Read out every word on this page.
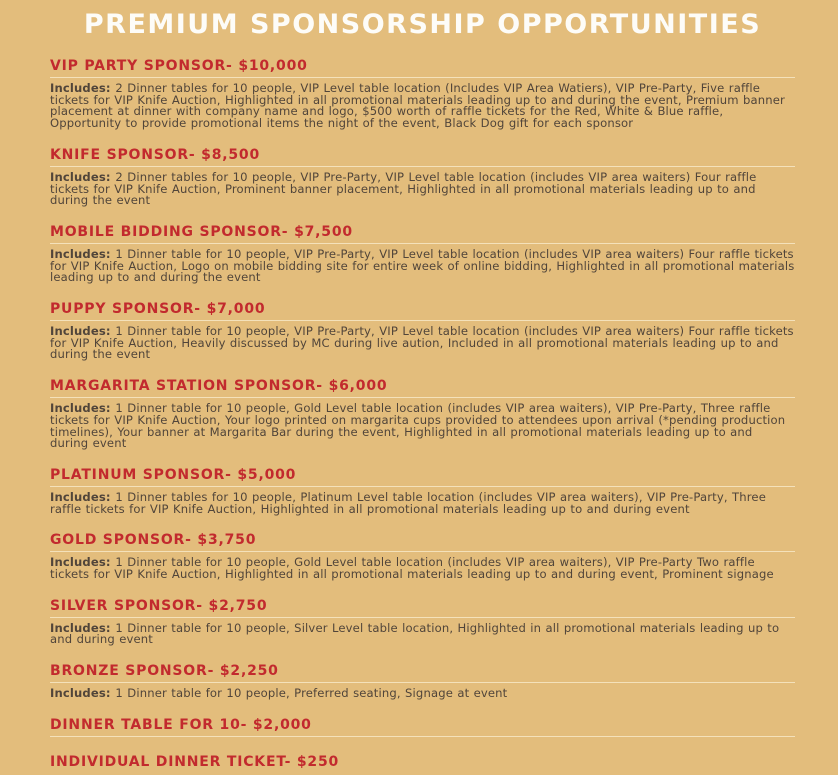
PREMIUM SPONSORSHIP OPPORTUNITIES
VIP PARTY SPONSOR- $10,000

Includes: 2 Dinner tables for 10 people, VIP Level table location (Includes VIP Area Watiers), VIP Pre-Party, Five raffle tickets for VIP Knife Auction, Highlighted in all promotional materials leading up to and during the event, Premium banner placement at dinner with company name and logo, $500 worth of raffle tickets for the Red, White & Blue raffle, Opportunity to provide promotional items the night of the event, Black Dog gift for each sponsor

KNIFE SPONSOR- $8,500

Includes: 2 Dinner tables for 10 people, VIP Pre-Party, VIP Level table location (includes VIP area waiters) Four raffle tickets for VIP Knife Auction, Prominent banner placement, Highlighted in all promotional materials leading up to and during the event

MOBILE BIDDING SPONSOR- $7,500

Includes: 1 Dinner table for 10 people, VIP Pre-Party, VIP Level table location (includes VIP area waiters) Four raffle tickets for VIP Knife Auction, Logo on mobile bidding site for entire week of online bidding, Highlighted in all promotional materials leading up to and during the event

PUPPY SPONSOR- $7,000

Includes: 1 Dinner table for 10 people, VIP Pre-Party, VIP Level table location (includes VIP area waiters) Four raffle tickets for VIP Knife Auction, Heavily discussed by MC during live aution, Included in all promotional materials leading up to and during the event

MARGARITA STATION SPONSOR- $6,000

Includes: 1 Dinner table for 10 people, Gold Level table location (includes VIP area waiters), VIP Pre-Party, Three raffle tickets for VIP Knife Auction, Your logo printed on margarita cups provided to attendees upon arrival (*pending production timelines), Your banner at Margarita Bar during the event, Highlighted in all promotional materials leading up to and during event

PLATINUM SPONSOR- $5,000

Includes: 1 Dinner tables for 10 people, Platinum Level table location (includes VIP area waiters), VIP Pre-Party, Three raffle tickets for VIP Knife Auction, Highlighted in all promotional materials leading up to and during event

GOLD SPONSOR- $3,750

Includes: 1 Dinner table for 10 people, Gold Level table location (includes VIP area waiters), VIP Pre-Party Two raffle tickets for VIP Knife Auction, Highlighted in all promotional materials leading up to and during event, Prominent signage

SILVER SPONSOR- $2,750

Includes: 1 Dinner table for 10 people, Silver Level table location, Highlighted in all promotional materials leading up to and during event

BRONZE SPONSOR- $2,250

Includes: 1 Dinner table for 10 people, Preferred seating, Signage at event

DINNER TABLE FOR 10- $2,000
INDIVIDUAL DINNER TICKET- $250
